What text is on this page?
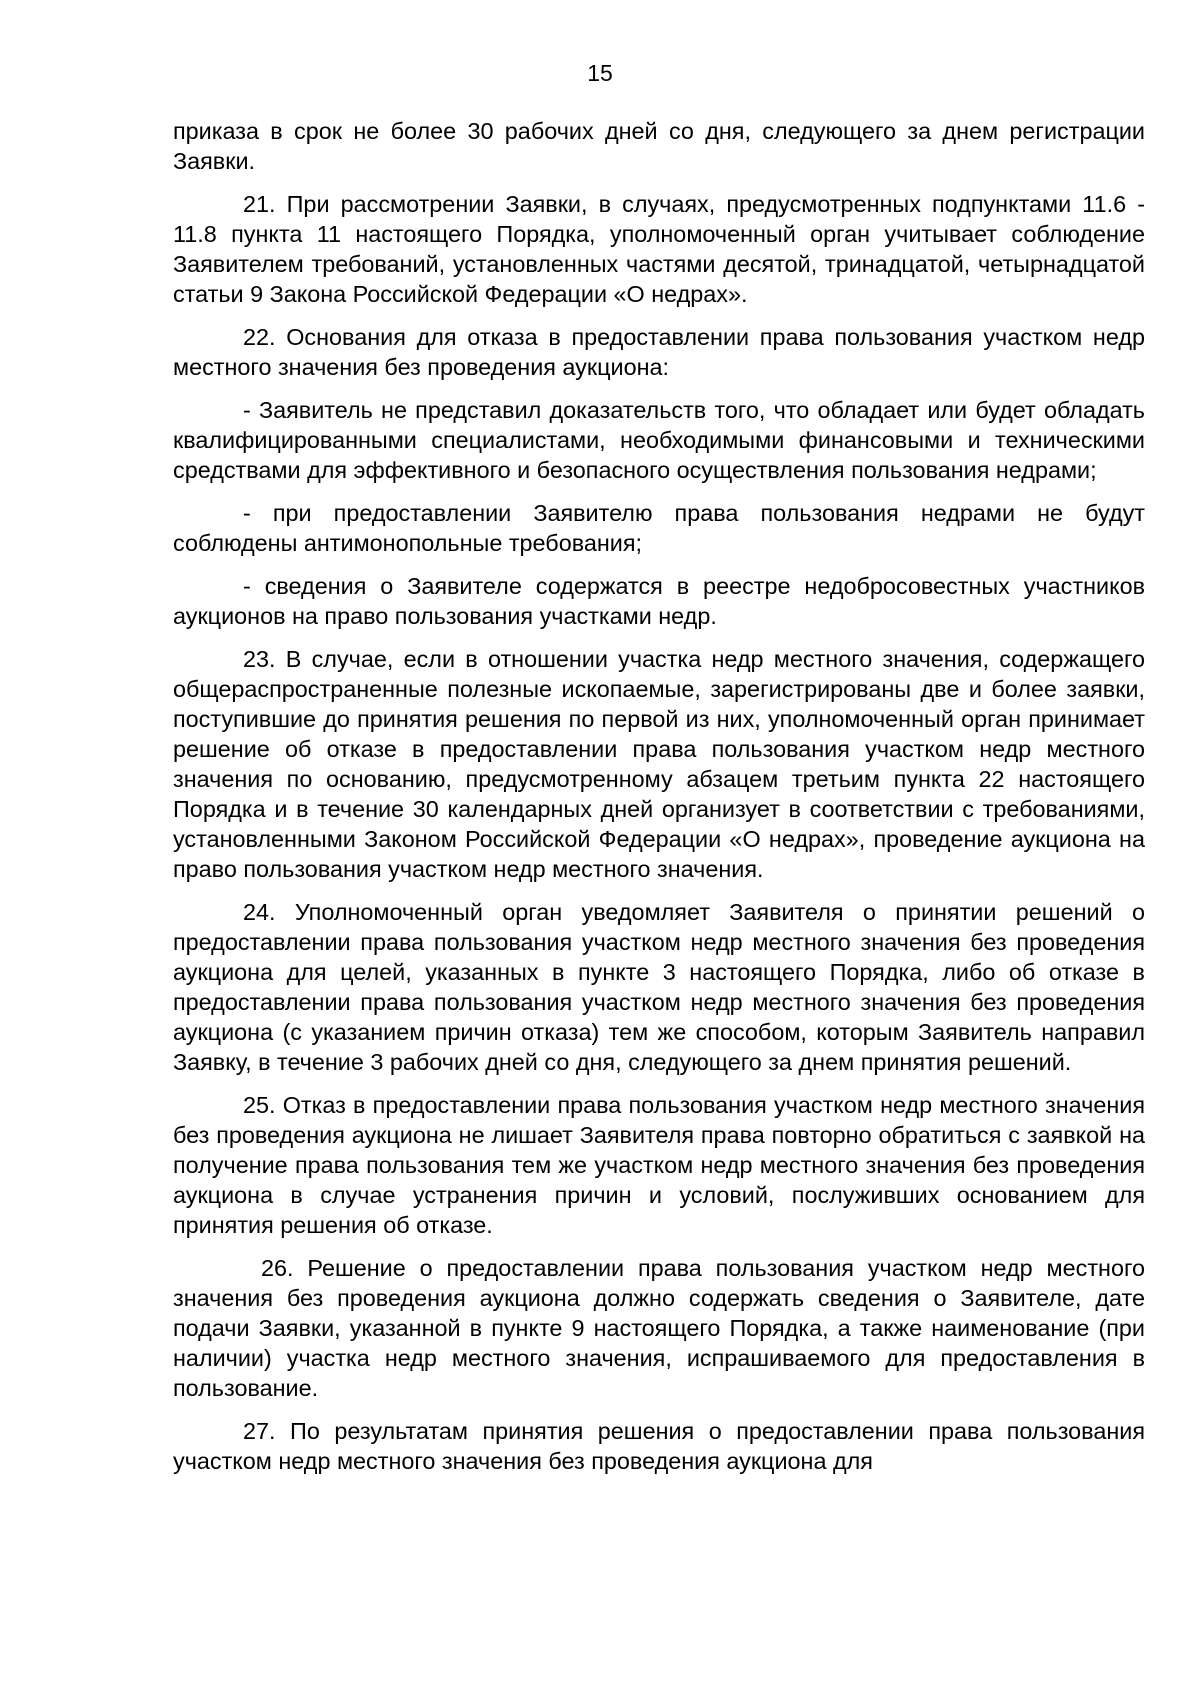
15

приказа в срок не более 30 рабочих дней со дня, следующего за днем регистрации Заявки.

21. При рассмотрении Заявки, в случаях, предусмотренных подпунктами 11.6 - 11.8 пункта 11 настоящего Порядка, уполномоченный орган учитывает соблюдение Заявителем требований, установленных частями десятой, тринадцатой, четырнадцатой статьи 9 Закона Российской Федерации «О недрах».

22. Основания для отказа в предоставлении права пользования участком недр местного значения без проведения аукциона:

- Заявитель не представил доказательств того, что обладает или будет обладать квалифицированными специалистами, необходимыми финансовыми и техническими средствами для эффективного и безопасного осуществления пользования недрами;

- при предоставлении Заявителю права пользования недрами не будут соблюдены антимонопольные требования;

- сведения о Заявителе содержатся в реестре недобросовестных участников аукционов на право пользования участками недр.

23. В случае, если в отношении участка недр местного значения, содержащего общераспространенные полезные ископаемые, зарегистрированы две и более заявки, поступившие до принятия решения по первой из них, уполномоченный орган принимает решение об отказе в предоставлении права пользования участком недр местного значения по основанию, предусмотренному абзацем третьим пункта 22 настоящего Порядка и в течение 30 календарных дней организует в соответствии с требованиями, установленными Законом Российской Федерации «О недрах», проведение аукциона на право пользования участком недр местного значения.

24. Уполномоченный орган уведомляет Заявителя о принятии решений о предоставлении права пользования участком недр местного значения без проведения аукциона для целей, указанных в пункте 3 настоящего Порядка, либо об отказе в предоставлении права пользования участком недр местного значения без проведения аукциона (с указанием причин отказа) тем же способом, которым Заявитель направил Заявку, в течение 3 рабочих дней со дня, следующего за днем принятия решений.

25. Отказ в предоставлении права пользования участком недр местного значения без проведения аукциона не лишает Заявителя права повторно обратиться с заявкой на получение права пользования тем же участком недр местного значения без проведения аукциона в случае устранения причин и условий, послуживших основанием для принятия решения об отказе.

26. Решение о предоставлении права пользования участком недр местного значения без проведения аукциона должно содержать сведения о Заявителе, дате подачи Заявки, указанной в пункте 9 настоящего Порядка, а также наименование (при наличии) участка недр местного значения, испрашиваемого для предоставления в пользование.

27. По результатам принятия решения о предоставлении права пользования участком недр местного значения без проведения аукциона для
